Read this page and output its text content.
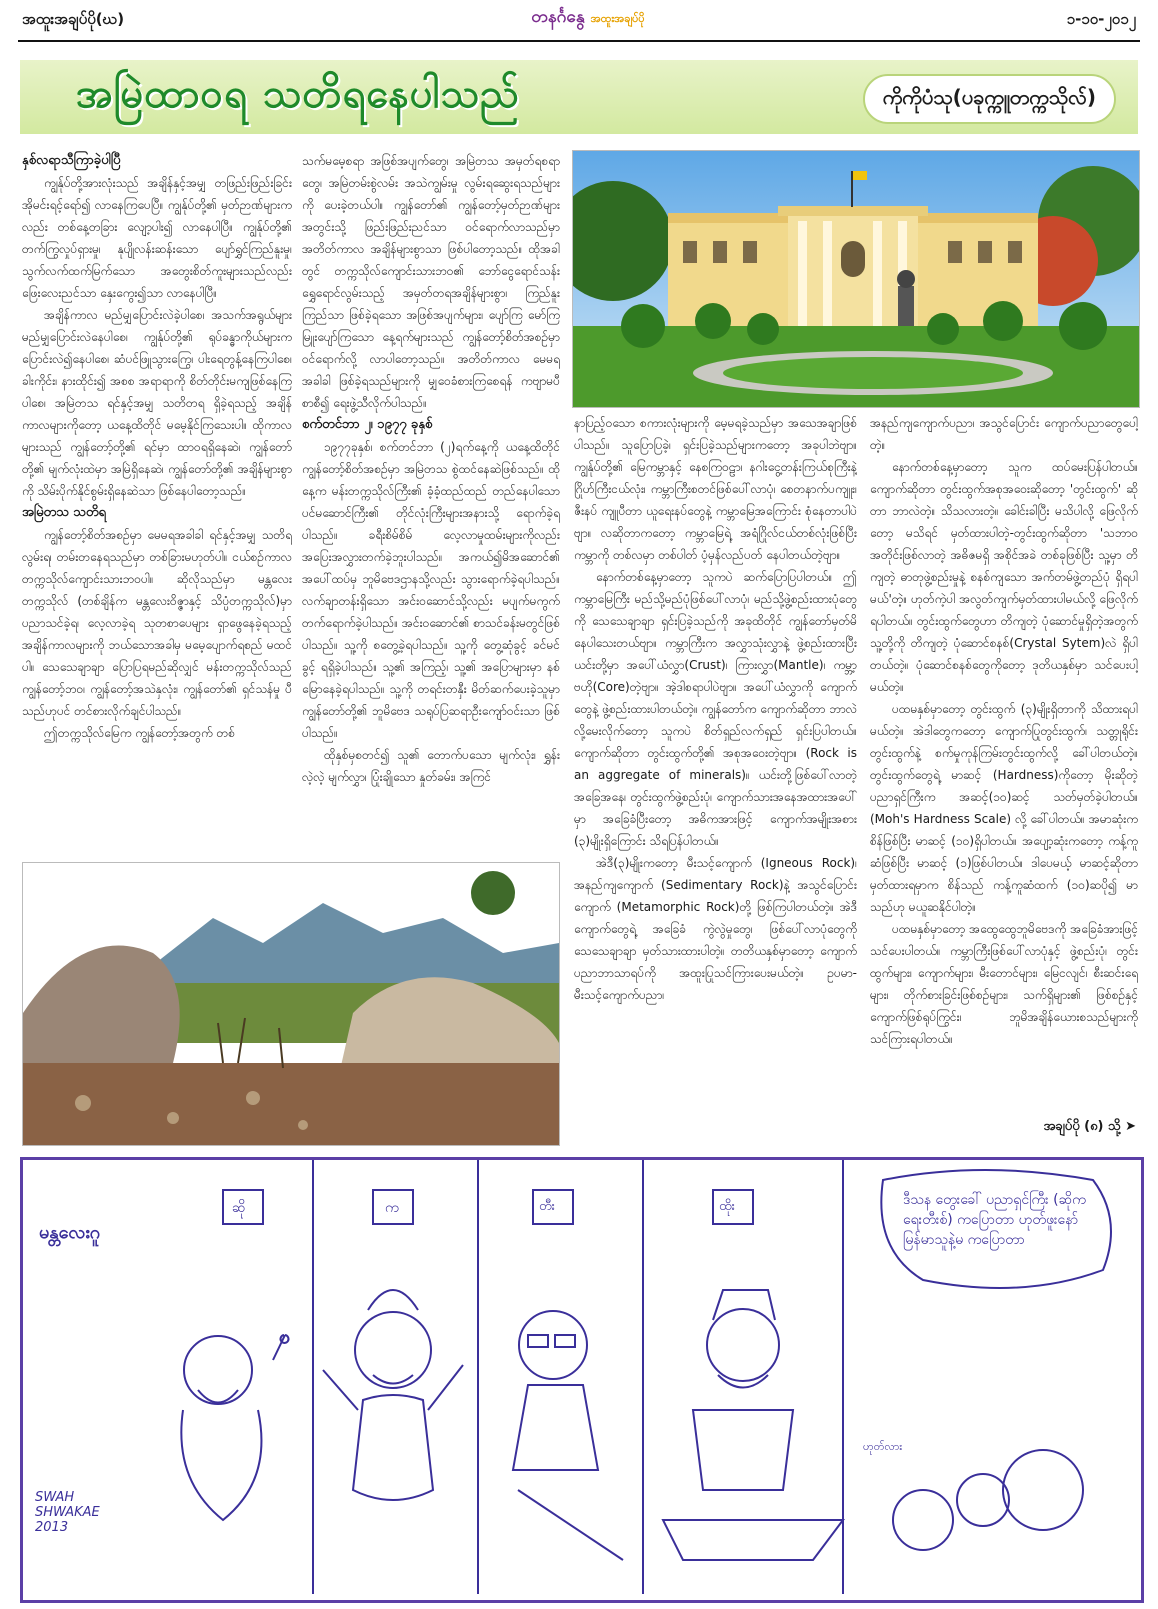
အထူးအချပ်ပို(ဃ)	တနင်္ဂနွေ အထူးအချပ်ပို	၁-၁၀-၂၀၁၂
အမြဲထာဝရ သတိရနေပါသည်	ကိုကိုပံသု(ပခုက္ကူတက္ကသိုလ်)
နှစ်လရာသီကြာခဲ့ပါပြီ

ကျွန်ုပ်တို့အားလုံးသည် အချိန်နှင့်အမျှ တဖြည်းဖြည်းခြင်း အိုမင်းရင့်ရော်၍ လာနေကြပေပြီ။ ကျွန်ုပ်တို့၏ မှတ်ဉာဏ်များကလည်း တစ်နေ့တခြား လျော့ပါး၍ လာနေပါပြီ။ ကျွန်ုပ်တို့၏ တက်ကြွလှုပ်ရှားမှု၊ နုပျိုလန်းဆန်းသော ပျော်ရွှင်ကြည်နူးမှု၊ သွက်လက်ထက်မြက်သော အတွေးစိတ်ကူးများသည်လည်း ဖြေးလေးညင်သာ နှေးကွေး၍သာ လာနေပါပြီ။

အချိန်ကာလ မည်မျှပြောင်းလဲခဲ့ပါစေ၊ အသက်အရွယ်များ မည်မျှပြောင်းလဲနေပါစေ၊ ကျွန်ုပ်တို့၏ ရုပ်ခန္ဓာကိုယ်များက ပြောင်းလဲ၍နေပါစေ၊ ဆံပင်ဖြူသွားကြွေ၊ ပါးရေတွန့်နေကြပါစေ၊ ခါးကိုင်း၊ နားထိုင်း၍ အစစ အရာရာကို စိတ်တိုင်းမကျဖြစ်နေကြပါစေ၊ အမြဲတသ ရင်နှင့်အမျှ သတိတရ ရှိခဲ့ရသည့် အချိန်ကာလများကိုတော့ ယနေ့ထိတိုင် မမေ့နိုင်ကြသေးပါ။ ထိုကာလများသည် ကျွန်တော့်တို့၏ ရင်မှာ ထာဝရရှိနေဆဲ၊ ကျွန်တော်တို့၏ မျက်လုံးထဲမှာ အမြဲရှိနေဆဲ၊ ကျွန်တော်တို့၏ အချိန်များစွာကို သိမ်းပိုက်နိုင်စွမ်းရှိနေဆဲသာ ဖြစ်နေပါတော့သည်။

အမြဲတသ သတိရ

ကျွန်တော့်စိတ်အစဉ်မှာ မေမရအခါခါ ရင်နှင့်အမျှ သတိရ လွမ်းရ၊ တမ်းတနေရသည်မှာ တစ်ခြားမဟုတ်ပါ။ ငယ်စဉ်ကာလ တက္ကသိုလ်ကျောင်းသားဘဝပါ။ ဆိုလိုသည်မှာ မန္တလေးတက္ကသိုလ် (တစ်ချိန်က မန္တလေးဝိဇ္ဇာနှင့် သိပ္ပံတက္ကသိုလ်)မှာ ပညာသင်ခဲ့ရ၊ လေ့လာခဲ့ရ သုတစာပေများ ရှာဖွေနေခဲ့ရသည့် အချိန်ကာလများကို ဘယ်သောအခါမှ မမေ့ပျောက်ရစည် မထင်ပါ။ သေသေချာချာ ပြောပြရမည်ဆိုလျှင် မန်းတက္ကသိုလ်သည် ကျွန်တော့်ဘဝ၊ ကျွန်တော့်အသဲနှလုံး၊ ကျွန်တော်၏ ရှင်သန်မှု ပီသည်ဟုပင် တင်စားလိုက်ချင်ပါသည်။

ဤတက္ကသိုလ်မြေက ကျွန်တော့်အတွက် တစ်

သက်မမေ့စရာ အဖြစ်အပျက်တွေ၊ အမြဲတသ အမှတ်ရစရာတွေ၊ အမြဲတမ်းစွဲလမ်း အသဲကျွမ်းမှု လွမ်းရဆွေးရသည်များကို ပေးခဲ့တယ်ပါ။ ကျွန်တော်၏ ကျွန်တော့်မှတ်ဉာဏ်များအတွင်းသို့ ဖြည်းဖြည်းညင်သာ ဝင်ရောက်လာသည်မှာ အတိတ်ကာလ အချိန်များစွာသာ ဖြစ်ပါတော့သည်။ ထိုအခါတွင် တက္ကသိုလ်ကျောင်းသားဘဝ၏ ဘော်ငွေရောင်သန်းရွှေရောင်လွမ်းသည့် အမှတ်တရအချိန်များစွာ၊ ကြည်နူးကြည်သာ ဖြစ်ခဲ့ရသော အဖြစ်အပျက်များ၊ ပျော်ကြ မော်ကြ မြူးပျော်ကြသော နေ့ရက်များသည် ကျွန်တော့်စိတ်အစဉ်မှာ ဝင်ရောက်လို့ လာပါတော့သည်။ အတိတ်ကာလ မေမရအခါခါ ဖြစ်ခဲ့ရသည်များကို မျှဝေခံစားကြစေရန် ကဗျာမပီ စာစီ၍ ရေးဖွဲ့သီလိုက်ပါသည်။

စက်တင်ဘာ ၂၊ ၁၉၇၇ ခုနှစ်

၁၉၇၇ခုနှစ်၊ စက်တင်ဘာ (၂)ရက်နေ့ကို ယနေ့ထိတိုင် ကျွန်တော့်စိတ်အစဉ်မှာ အမြဲတသ စွဲထင်နေဆဲဖြစ်သည်။ ထိုနေ့က မန်းတက္ကသိုလ်ကြီး၏ ခံ့ခံ့ထည်ထည် တည်နေပါသော ပင်မဆောင်ကြီး၏ တိုင်လုံးကြီးများအနားသို့ ရောက်ခဲ့ရပါသည်။ ခရီးစိမ်စိမ် လေ့လာမှုထမ်းများကိုလည်း အပြေးအလွှားတက်ခဲ့ဘူးပါသည်။ အကယ်၍မိအဆောင်၏ အပေါ်ထပ်မှ ဘူမိဗေဒဌာနသို့လည်း သွားရောက်ခဲ့ရပါသည်။ လက်ချာတန်းရှိသော အင်းဝဆောင်သို့လည်း မပျက်မကွက် တက်ရောက်ခဲ့ပါသည်။ အင်းဝဆောင်၏ စာသင်ခန်းမတွင်ဖြစ်ပါသည်။ သူ့ကို စတွေ့ခဲ့ရပါသည်။ သူ့ကို တွေ့ဆုံခွင့် ခင်မင်ခွင့် ရရှိခဲ့ပါသည်။ သူ့၏ အကြည့်၊ သူ့၏ အပြောများမှာ နစ်မြောနေခဲ့ရပါသည်။ သူ့ကို တရင်းတနှီး မိတ်ဆက်ပေးခဲ့သူမှာ ကျွန်တော်တို့၏ ဘူမိဗေဒ သရုပ်ပြဆရာဦးကျော်ဝင်းသာ ဖြစ်ပါသည်။

ထိုနှစ်မှစတင်၍ သူ၏ တောက်ပသော မျက်လုံး၊ ရွှန်းလဲ့လဲ့ မျက်လွှာ၊ ပြုံးချိုသော နှုတ်ခမ်း၊ အကြင်

နာပြည့်ဝသော စကားလုံးများကို မေ့မရခဲ့သည်မှာ အသေအချာဖြစ်ပါသည်။ သူပြောပြခဲ့၊ ရှင်းပြခဲ့သည်များကတော့ အခုပါဘဲဗျာ။ ကျွန်ုပ်တို့၏ မြေကမ္ဘာနှင့် နေစကြဝဠာ၊ နဂါးငွေ့တန်းကြယ်စုကြီးနဲ့ ဂြိုဟ်ကြီးငယ်လုံး၊ ကမ္ဘာကြီးစတင်ဖြစ်ပေါ်လာပုံ၊ စေတနာက်ပကျူး၊ ဇီးနပ် ကျူပီတာ ယူရေးနပ်တွေနဲ့ ကမ္ဘာမြေအကြောင်း စုံနေတာပါပဲဗျာ။ လဆိုတာကတော့ ကမ္ဘာမြေရဲ့ အရံဂြိုလ်ငယ်တစ်လုံးဖြစ်ပြီး ကမ္ဘာကို တစ်လမှာ တစ်ပါတ် ပံ့မှန်လည်ပတ် နေပါတယ်တဲ့ဗျာ။

နောက်တစ်နေ့မှာတော့ သူကပဲ ဆက်ပြောပြပါတယ်။ ဤကမ္ဘာမြေကြီး မည်သို့မည်ပုံဖြစ်ပေါ်လာပုံ၊ မည်သို့ဖွဲ့စည်းထားပုံတွေကို သေသေချာချာ ရှင်းပြခဲ့သည်ကို အခုထိတိုင် ကျွန်တော်မှတ်မိနေပါသေးတယ်ဗျာ။ ကမ္ဘာကြီးက အလွှာသုံးလွှာနဲ့ ဖွဲ့စည်းထားပြီး ယင်းတို့မှာ အပေါ်ယံလွှာ(Crust)၊ ကြားလွှာ(Mantle)၊ ကမ္ဘာ့ဗဟို(Core)တဲ့ဗျာ။ အဲ့ဒါစရာပါပဲဗျာ။ အပေါ်ယံလွှာကို ကျောက်တွေနဲ့ ဖွဲ့စည်းထားပါတယ်တဲ့။ ကျွန်တော်က ကျောက်ဆိုတာ ဘာလဲလို့မေးလိုက်တော့ သူကပဲ စိတ်ရှည်လက်ရှည် ရှင်းပြပါတယ်။ ကျောက်ဆိုတာ တွင်းထွက်တို့၏ အစုအဝေးတဲ့ဗျာ။ (Rock is an aggregate of minerals)။ ယင်းတို့ဖြစ်ပေါ်လာတဲ့ အခြေအနေ၊ တွင်းထွက်ဖွဲ့စည်းပုံ၊ ကျောက်သားအနေအထားအပေါ်မှာ အခြေခံပြီးတော့ အဓိကအားဖြင့် ကျောက်အမျိုးအစား (၃)မျိုးရှိကြောင်း သိရပြန်ပါတယ်။

အဲဒီ(၃)မျိုးကတော့ မီးသင့်ကျောက် (Igneous Rock)၊ အနည်ကျကျောက် (Sedimentary Rock)နဲ့ အသွင်ပြောင်းကျောက် (Metamorphic Rock)တို့ ဖြစ်ကြပါတယ်တဲ့။ အဲဒီ ကျောက်တွေရဲ့ အခြေခံ ကွဲလွဲမှုတွေ၊ ဖြစ်ပေါ်လာပုံတွေကို သေသေချာချာ မှတ်သားထားပါတဲ့။ တတိယနှစ်မှာတော့ ကျောက်ပညာဘာသာရပ်ကို အထူးပြုသင်ကြားပေးမယ်တဲ့။ ဥပမာ- မီးသင့်ကျောက်ပညာ၊

အနည်ကျကျောက်ပညာ၊ အသွင်ပြောင်း ကျောက်ပညာတွေပေါ့တဲ့။

နောက်တစ်နေ့မှာတော့ သူက ထပ်မေးပြန်ပါတယ်။ ကျောက်ဆိုတာ တွင်းထွက်အစုအဝေးဆိုတော့ 'တွင်းထွက်' ဆိုတာ ဘာလဲတဲ့။ သိသလားတဲ့။ ခေါင်းခါပြီး မသိပါလို့ ဖြေလိုက်တော့ မသိရင် မှတ်ထားပါတဲ့-တွင်းထွက်ဆိုတာ 'သဘာဝအတိုင်းဖြစ်လာတဲ့ အဓိဇမရှိ အစိုင်အခဲ တစ်ခုဖြစ်ပြီး သူ့မှာ တိကျတဲ့ ဓာတုဖွဲ့စည်းမှုနဲ့ စနစ်ကျသော အက်တမ်ဖွဲ့တည်ပုံ ရှိရပါမယ်'တဲ့။ ဟုတ်ကဲ့ပါ အလွတ်ကျက်မှတ်ထားပါမယ်လို့ ဖြေလိုက်ရပါတယ်။ တွင်းထွက်တွေဟာ တိကျတဲ့ ပုံဆောင်မှုရှိတဲ့အတွက် သူ့တို့ကို တိကျတဲ့ ပုံဆောင်စနစ်(Crystal Sytem)လဲ ရှိပါတယ်တဲ့။ ပုံဆောင်စနစ်တွေကိုတော့ ဒုတိယနှစ်မှာ သင်ပေးပါ့မယ်တဲ့။

ပထမနှစ်မှာတော့ တွင်းထွက် (၃)မျိုးရှိတာကို သိထားရပါမယ်တဲ့။ အဲဒါတွေကတော့ ကျောက်ပြုတွင်းထွက်၊ သတ္တုရိုင်းတွင်းထွက်နဲ့ စက်မှုကုန်ကြမ်းတွင်းထွက်လို့ ခေါ်ပါတယ်တဲ့။ တွင်းထွက်တွေရဲ့ မာဆင့် (Hardness)ကိုတော့ မိုးဆိုတဲ့ ပညာရှင်ကြီးက အဆင့်(၁၀)ဆင့် သတ်မှတ်ခဲ့ပါတယ်။ (Moh's Hardness Scale) လို့ ခေါ်ပါတယ်။ အမာဆုံးက စိန်ဖြစ်ပြီး မာဆင့် (၁၀)ရှိပါတယ်။ အပျော့ဆုံးကတော့ ကန့်ကူဆံဖြစ်ပြီး မာဆင့် (၁)ဖြစ်ပါတယ်။ ဒါပေမယ့် မာဆင့်ဆိုတာ မှတ်ထားရမှာက စိန်သည် ကန့်ကူဆံထက် (၁၀)ဆပို၍ မာသည်ဟု မယူဆနိုင်ပါတဲ့။

ပထမနှစ်မှာတော့ အထွေထွေဘူမိဗေဒကို အခြေခံအားဖြင့် သင်ပေးပါတယ်။ ကမ္ဘာကြီးဖြစ်ပေါ်လာပုံနှင့် ဖွဲ့စည်းပုံ၊ တွင်းထွက်များ၊ ကျောက်များ၊ မီးတောင်များ၊ မြေငလျင်၊ စီးဆင်းရေများ၊ တိုက်စားခြင်းဖြစ်စဉ်များ၊ သက်ရှိများ၏ ဖြစ်စဉ်နှင့် ကျောက်ဖြစ်ရုပ်ကြွင်း၊ ဘူမိအချိန်ယေားစသည်များကို သင်ကြားရပါတယ်။

အချပ်ပို (၈) သို့ ➤
မန္တလေးဂူ
ဆို	က	တီး	ထိုး	ဒီသန တွေးခေါ် ပညာရှင်ကြီး (ဆိုကရေးတီးစ်) ကပြောတာ ဟုတ်ဖူးနော် မြန်မာသူနဲ့မ ကပြောတာ
SWAH SHWAKAE 2013
ဟုတ်လား
